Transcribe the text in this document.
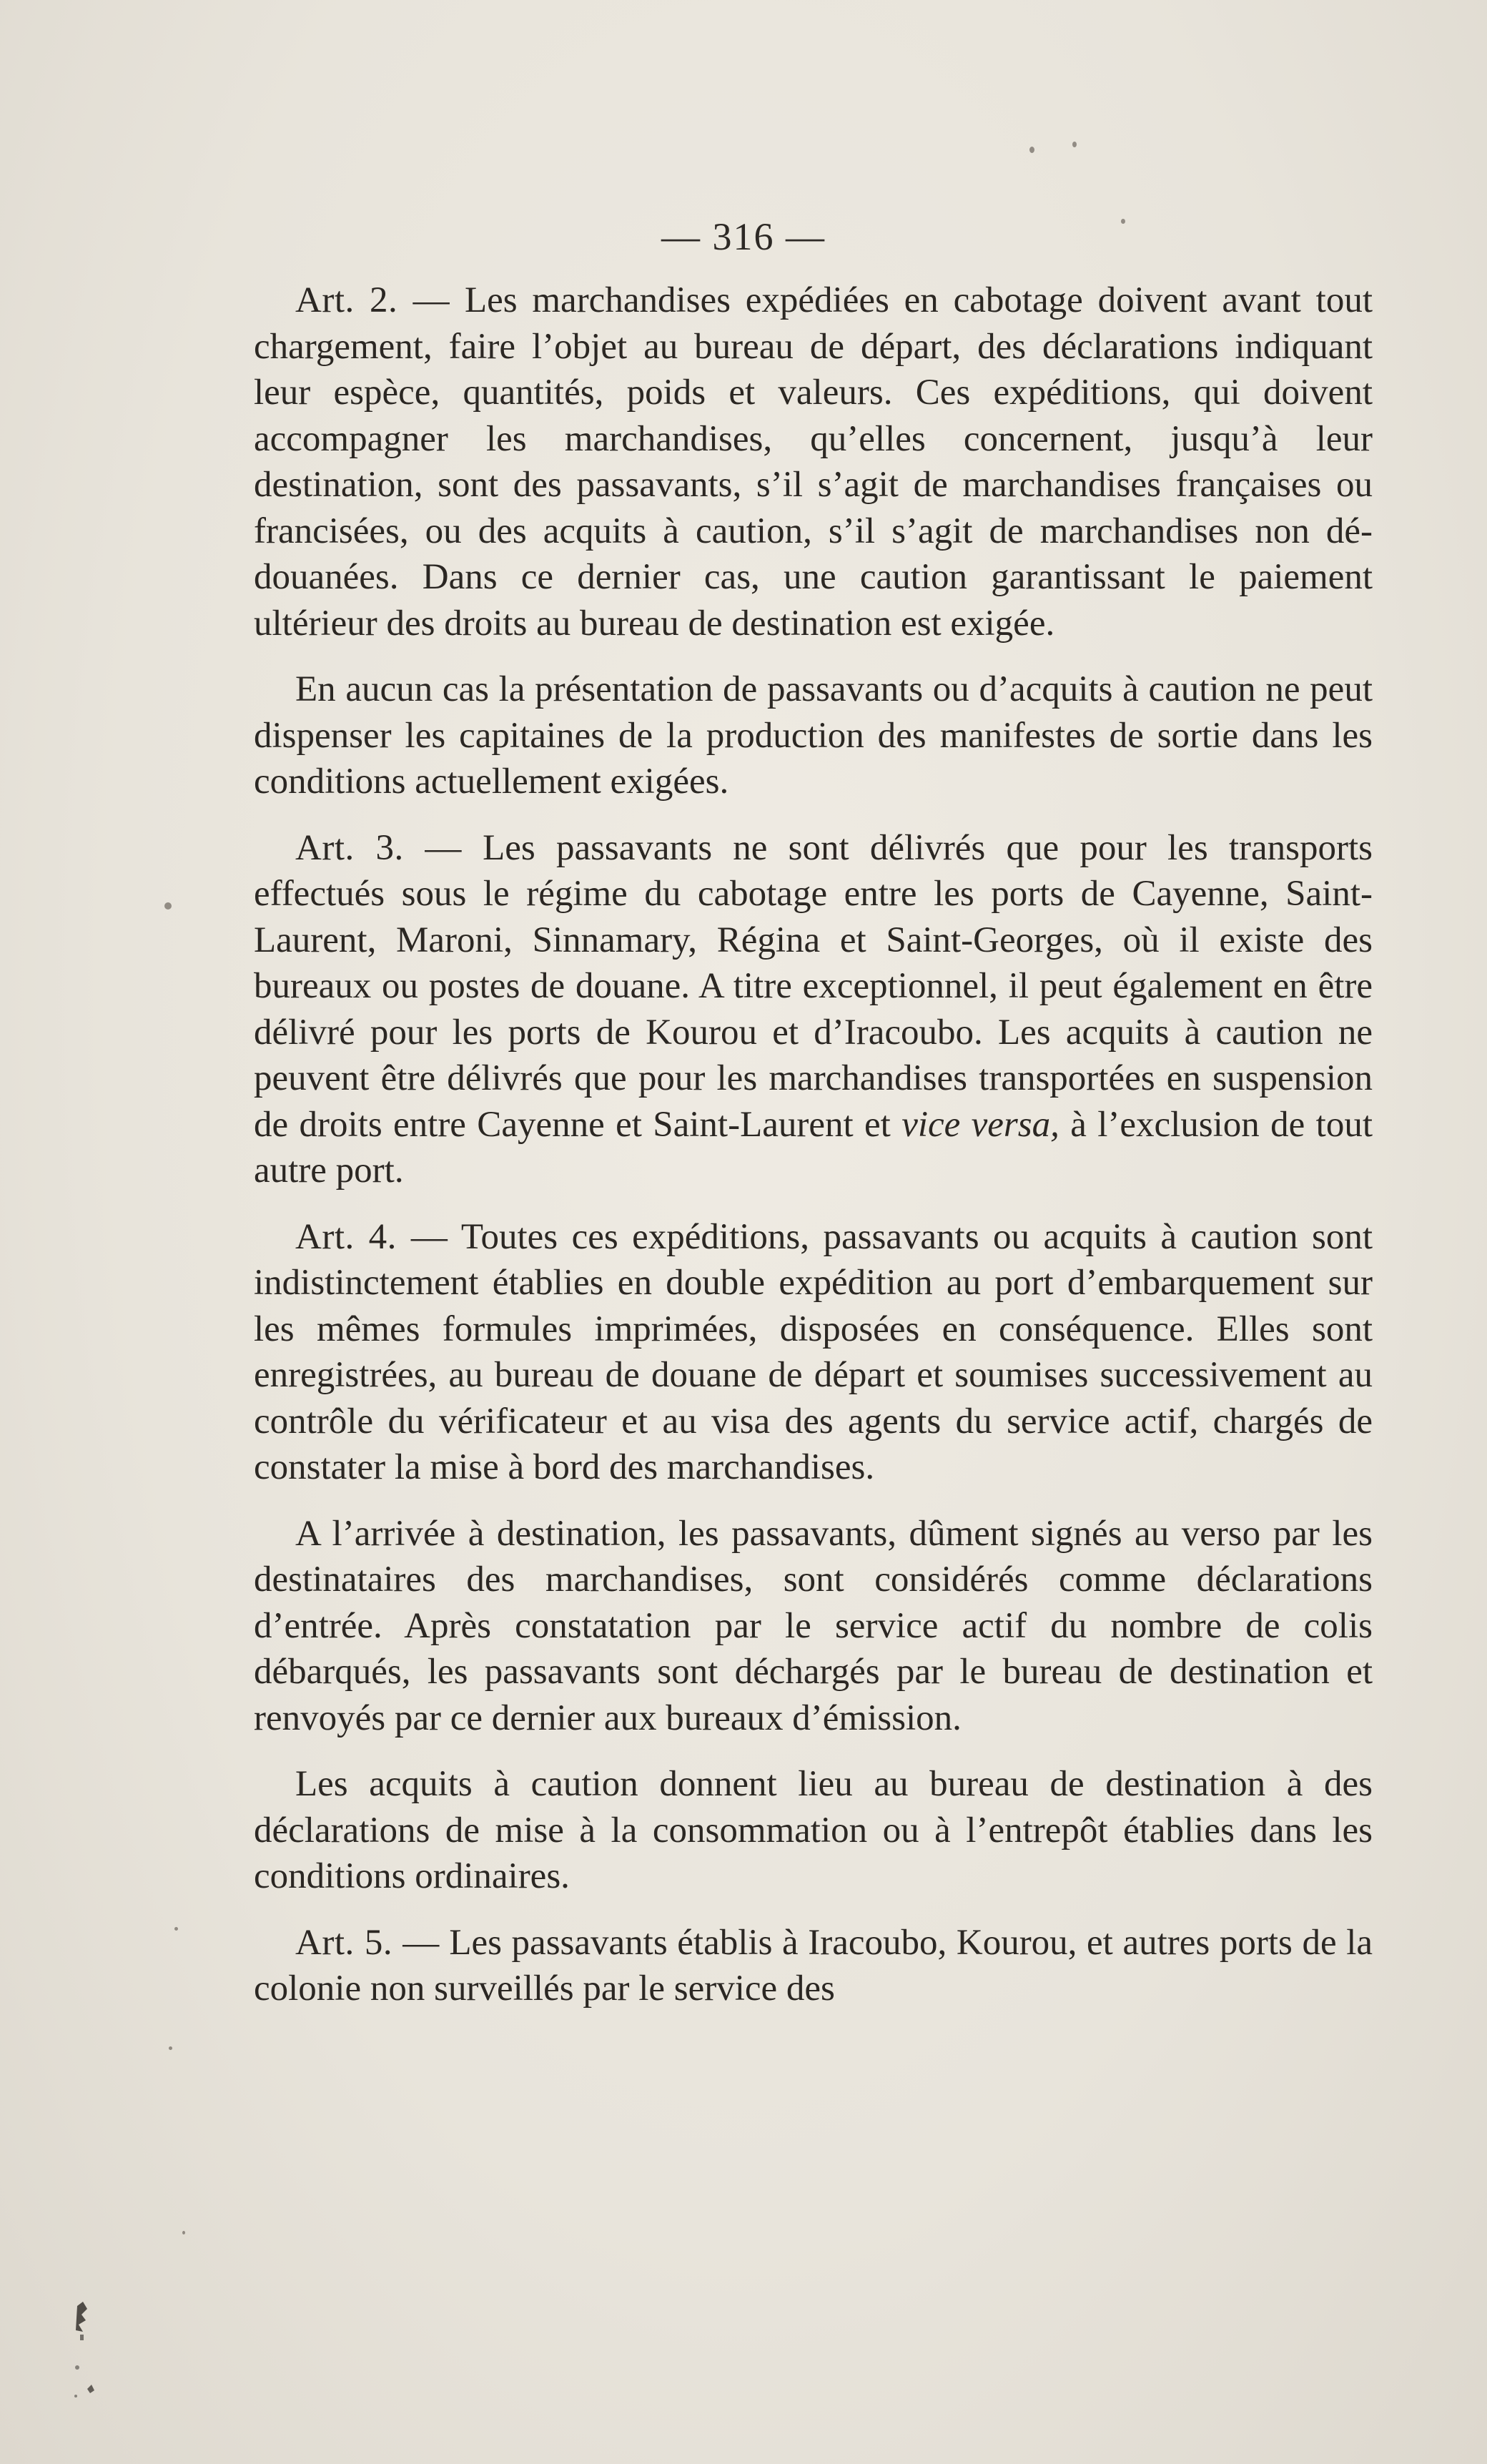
— 316 —

Art. 2. — Les marchandises expédiées en cabotage doivent avant tout chargement, faire l’objet au bureau de départ, des déclarations indiquant leur espèce, quantités, poids et valeurs. Ces expéditions, qui doivent accompagner les marchandises, qu’elles concernent, jusqu’à leur destination, sont des passavants, s’il s’agit de marchandises françaises ou francisées, ou des acquits à caution, s’il s’agit de marchandises non dédouanées. Dans ce dernier cas, une caution garantissant le paiement ultérieur des droits au bureau de destination est exigée.

En aucun cas la présentation de passavants ou d’acquits à caution ne peut dispenser les capitaines de la production des manifestes de sortie dans les conditions actuellement exigées.

Art. 3. — Les passavants ne sont délivrés que pour les transports effectués sous le régime du cabotage entre les ports de Cayenne, Saint-Laurent, Maroni, Sinnamary, Régina et Saint-Georges, où il existe des bureaux ou postes de douane. A titre exceptionnel, il peut également en être délivré pour les ports de Kourou et d’Iracoubo. Les acquits à caution ne peuvent être délivrés que pour les marchandises transportées en suspension de droits entre Cayenne et Saint-Laurent et vice versa, à l’exclusion de tout autre port.

Art. 4. — Toutes ces expéditions, passavants ou acquits à caution sont indistinctement établies en double expédition au port d’embarquement sur les mêmes formules imprimées, disposées en conséquence. Elles sont enregistrées, au bureau de douane de départ et soumises successivement au contrôle du vérificateur et au visa des agents du service actif, chargés de constater la mise à bord des marchandises.

A l’arrivée à destination, les passavants, dûment signés au verso par les destinataires des marchandises, sont considérés comme déclarations d’entrée. Après constatation par le service actif du nombre de colis débarqués, les passavants sont déchargés par le bureau de destination et renvoyés par ce dernier aux bureaux d’émission.

Les acquits à caution donnent lieu au bureau de destination à des déclarations de mise à la consommation ou à l’entrepôt établies dans les conditions ordinaires.

Art. 5. — Les passavants établis à Iracoubo, Kourou, et autres ports de la colonie non surveillés par le service des
